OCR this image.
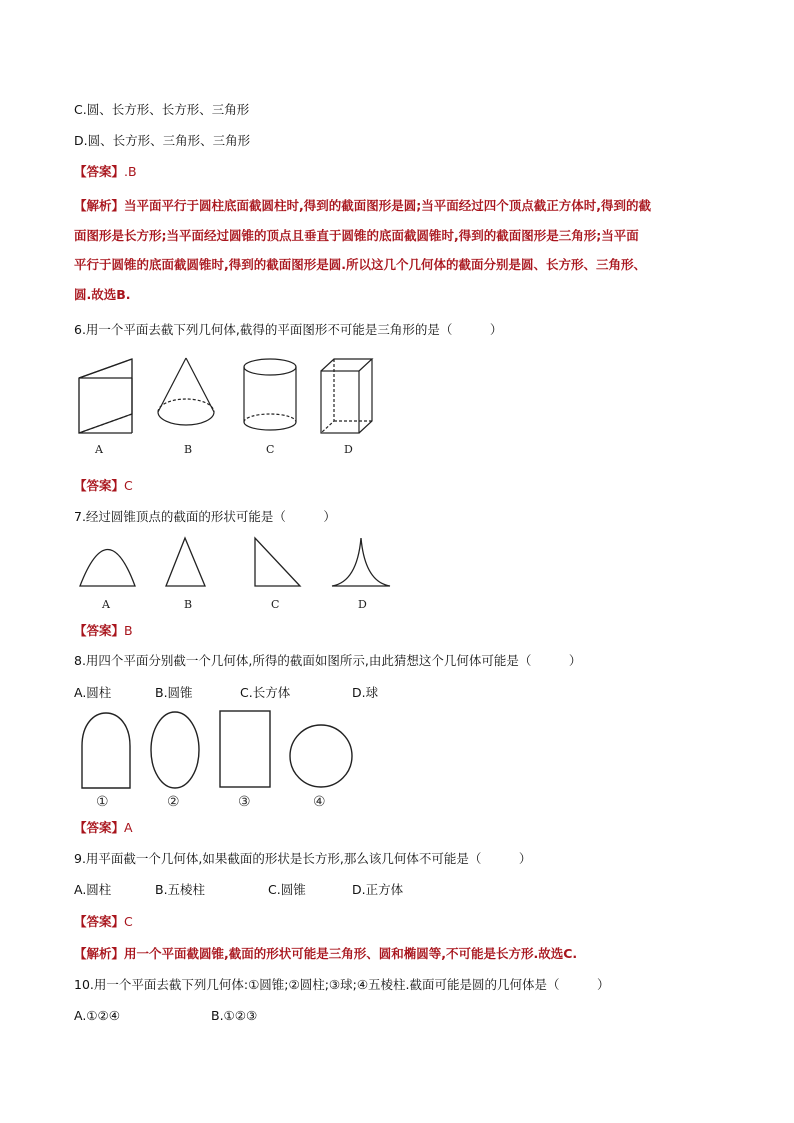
C.圆、长方形、长方形、三角形
D.圆、长方形、三角形、三角形
【答案】.B
【解析】当平面平行于圆柱底面截圆柱时,得到的截面图形是圆;当平面经过四个顶点截正方体时,得到的截
面图形是长方形;当平面经过圆锥的顶点且垂直于圆锥的底面截圆锥时,得到的截面图形是三角形;当平面
平行于圆锥的底面截圆锥时,得到的截面图形是圆.所以这几个几何体的截面分别是圆、长方形、三角形、
圆.故选B.
6.用一个平面去截下列几何体,截得的平面图形不可能是三角形的是（　　　）
A	B	C	D
【答案】C
7.经过圆锥顶点的截面的形状可能是（　　　）
A	B	C	D
【答案】B
8.用四个平面分别截一个几何体,所得的截面如图所示,由此猜想这个几何体可能是（　　　）
A.圆柱	B.圆锥	C.长方体	D.球
①	②	③	④
【答案】A
9.用平面截一个几何体,如果截面的形状是长方形,那么该几何体不可能是（　　　）
A.圆柱	B.五棱柱	C.圆锥	D.正方体
【答案】C
【解析】用一个平面截圆锥,截面的形状可能是三角形、圆和椭圆等,不可能是长方形.故选C.
10.用一个平面去截下列几何体:①圆锥;②圆柱;③球;④五棱柱.截面可能是圆的几何体是（　　　）
A.①②④	B.①②③
